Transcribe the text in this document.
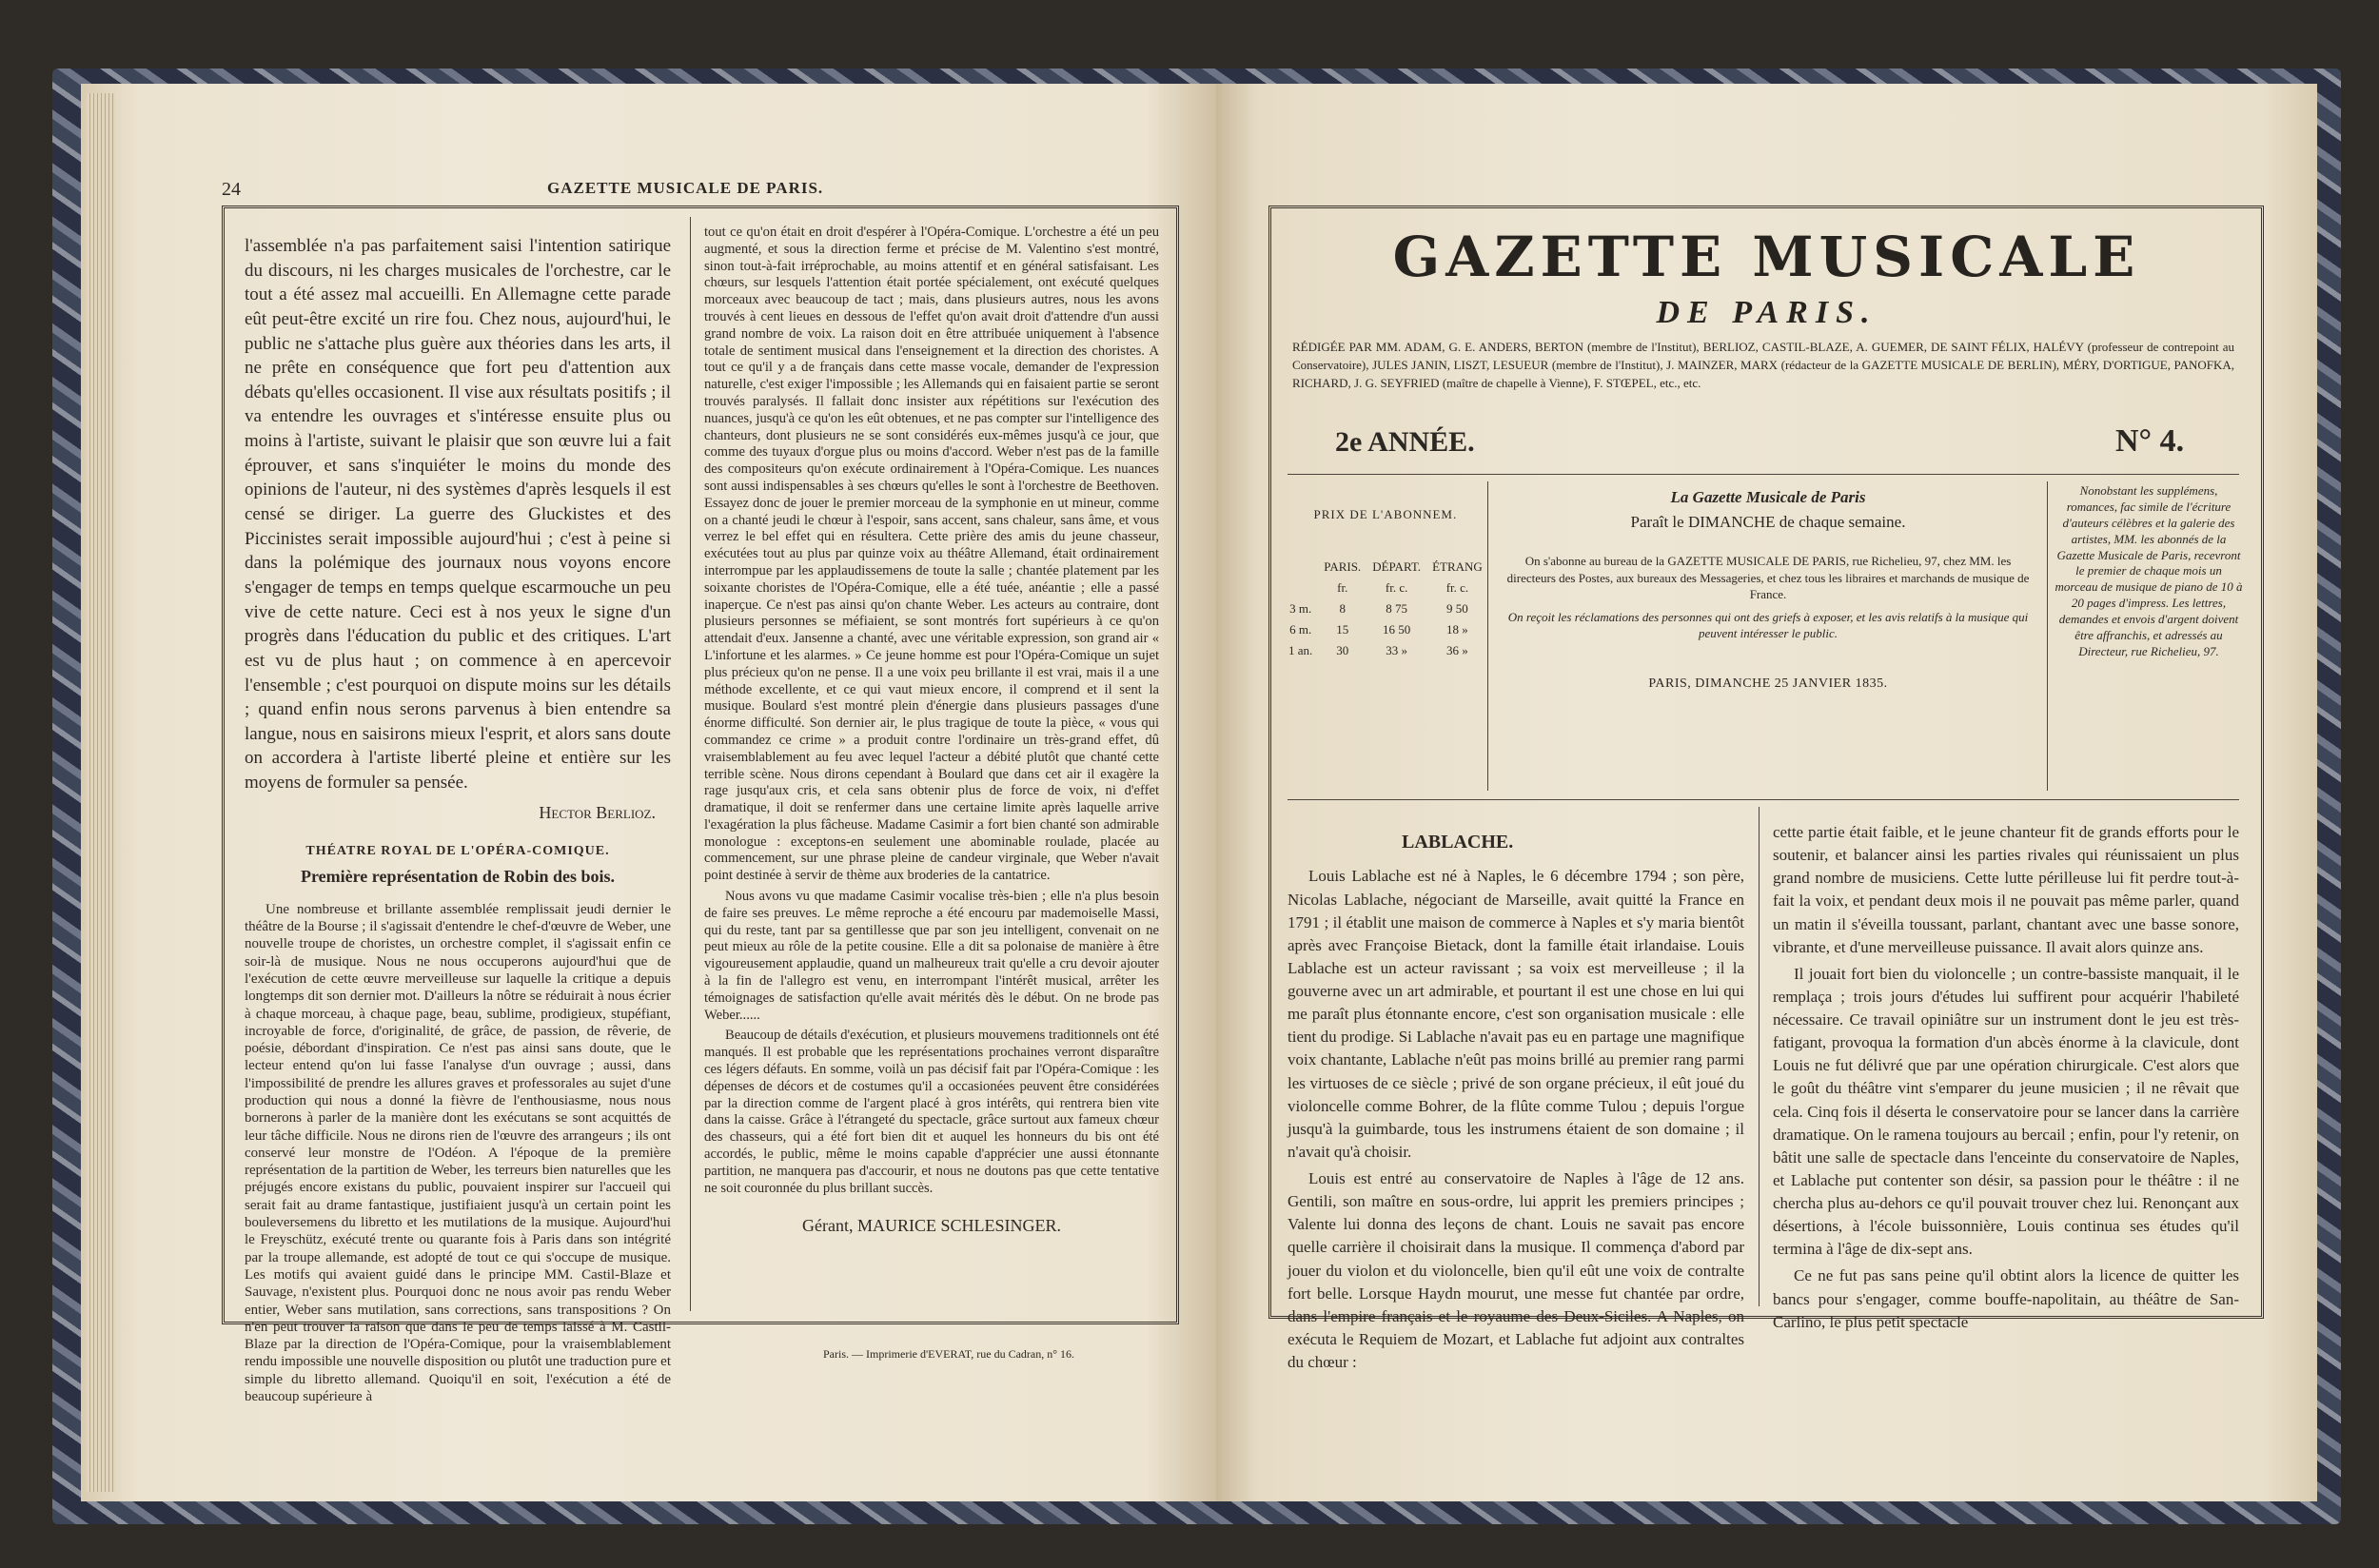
24	GAZETTE MUSICALE DE PARIS.

l'assemblée n'a pas parfaitement saisi l'intention satirique du discours, ni les charges musicales de l'orchestre, car le tout a été assez mal accueilli. En Allemagne cette parade eût peut-être excité un rire fou. Chez nous, aujourd'hui, le public ne s'attache plus guère aux théories dans les arts, il ne prête en conséquence que fort peu d'attention aux débats qu'elles occasionent. Il vise aux résultats positifs ; il va entendre les ouvrages et s'intéresse ensuite plus ou moins à l'artiste, suivant le plaisir que son œuvre lui a fait éprouver, et sans s'inquiéter le moins du monde des opinions de l'auteur, ni des systèmes d'après lesquels il est censé se diriger. La guerre des Gluckistes et des Piccinistes serait impossible aujourd'hui ; c'est à peine si dans la polémique des journaux nous voyons encore s'engager de temps en temps quelque escarmouche un peu vive de cette nature. Ceci est à nos yeux le signe d'un progrès dans l'éducation du public et des critiques. L'art est vu de plus haut ; on commence à en apercevoir l'ensemble ; c'est pourquoi on dispute moins sur les détails ; quand enfin nous serons parvenus à bien entendre sa langue, nous en saisirons mieux l'esprit, et alors sans doute on accordera à l'artiste liberté pleine et entière sur les moyens de formuler sa pensée.

Hector Berlioz.
THÉATRE ROYAL DE L'OPÉRA-COMIQUE.
Première représentation de Robin des bois.

Une nombreuse et brillante assemblée remplissait jeudi dernier le théâtre de la Bourse ; il s'agissait d'entendre le chef-d'œuvre de Weber, une nouvelle troupe de choristes, un orchestre complet, il s'agissait enfin ce soir-là de musique. Nous ne nous occuperons aujourd'hui que de l'exécution de cette œuvre merveilleuse sur laquelle la critique a depuis longtemps dit son dernier mot. D'ailleurs la nôtre se réduirait à nous écrier à chaque morceau, à chaque page, beau, sublime, prodigieux, stupéfiant, incroyable de force, d'originalité, de grâce, de passion, de rêverie, de poésie, débordant d'inspiration. Ce n'est pas ainsi sans doute, que le lecteur entend qu'on lui fasse l'analyse d'un ouvrage ; aussi, dans l'impossibilité de prendre les allures graves et professorales au sujet d'une production qui nous a donné la fièvre de l'enthousiasme, nous nous bornerons à parler de la manière dont les exécutans se sont acquittés de leur tâche difficile. Nous ne dirons rien de l'œuvre des arrangeurs ; ils ont conservé leur monstre de l'Odéon. A l'époque de la première représentation de la partition de Weber, les terreurs bien naturelles que les préjugés encore existans du public, pouvaient inspirer sur l'accueil qui serait fait au drame fantastique, justifiaient jusqu'à un certain point les bouleversemens du libretto et les mutilations de la musique. Aujourd'hui le Freyschütz, exécuté trente ou quarante fois à Paris dans son intégrité par la troupe allemande, est adopté de tout ce qui s'occupe de musique. Les motifs qui avaient guidé dans le principe MM. Castil-Blaze et Sauvage, n'existent plus. Pourquoi donc ne nous avoir pas rendu Weber entier, Weber sans mutilation, sans corrections, sans transpositions ? On n'en peut trouver la raison que dans le peu de temps laissé à M. Castil-Blaze par la direction de l'Opéra-Comique, pour la vraisemblablement rendu impossible une nouvelle disposition ou plutôt une traduction pure et simple du libretto allemand. Quoiqu'il en soit, l'exécution a été de beaucoup supérieure à

tout ce qu'on était en droit d'espérer à l'Opéra-Comique. L'orchestre a été un peu augmenté, et sous la direction ferme et précise de M. Valentino s'est montré, sinon tout-à-fait irréprochable, au moins attentif et en général satisfaisant. Les chœurs, sur lesquels l'attention était portée spécialement, ont exécuté quelques morceaux avec beaucoup de tact ; mais, dans plusieurs autres, nous les avons trouvés à cent lieues en dessous de l'effet qu'on avait droit d'attendre d'un aussi grand nombre de voix. La raison doit en être attribuée uniquement à l'absence totale de sentiment musical dans l'enseignement et la direction des choristes. A tout ce qu'il y a de français dans cette masse vocale, demander de l'expression naturelle, c'est exiger l'impossible ; les Allemands qui en faisaient partie se seront trouvés paralysés. Il fallait donc insister aux répétitions sur l'exécution des nuances, jusqu'à ce qu'on les eût obtenues, et ne pas compter sur l'intelligence des chanteurs, dont plusieurs ne se sont considérés eux-mêmes jusqu'à ce jour, que comme des tuyaux d'orgue plus ou moins d'accord. Weber n'est pas de la famille des compositeurs qu'on exécute ordinairement à l'Opéra-Comique. Les nuances sont aussi indispensables à ses chœurs qu'elles le sont à l'orchestre de Beethoven. Essayez donc de jouer le premier morceau de la symphonie en ut mineur, comme on a chanté jeudi le chœur à l'espoir, sans accent, sans chaleur, sans âme, et vous verrez le bel effet qui en résultera. Cette prière des amis du jeune chasseur, exécutées tout au plus par quinze voix au théâtre Allemand, était ordinairement interrompue par les applaudissemens de toute la salle ; chantée platement par les soixante choristes de l'Opéra-Comique, elle a été tuée, anéantie ; elle a passé inaperçue. Ce n'est pas ainsi qu'on chante Weber. Les acteurs au contraire, dont plusieurs personnes se méfiaient, se sont montrés fort supérieurs à ce qu'on attendait d'eux. Jansenne a chanté, avec une véritable expression, son grand air « L'infortune et les alarmes. » Ce jeune homme est pour l'Opéra-Comique un sujet plus précieux qu'on ne pense. Il a une voix peu brillante il est vrai, mais il a une méthode excellente, et ce qui vaut mieux encore, il comprend et il sent la musique. Boulard s'est montré plein d'énergie dans plusieurs passages d'une énorme difficulté. Son dernier air, le plus tragique de toute la pièce, « vous qui commandez ce crime » a produit contre l'ordinaire un très-grand effet, dû vraisemblablement au feu avec lequel l'acteur a débité plutôt que chanté cette terrible scène. Nous dirons cependant à Boulard que dans cet air il exagère la rage jusqu'aux cris, et cela sans obtenir plus de force de voix, ni d'effet dramatique, il doit se renfermer dans une certaine limite après laquelle arrive l'exagération la plus fâcheuse. Madame Casimir a fort bien chanté son admirable monologue : exceptons-en seulement une abominable roulade, placée au commencement, sur une phrase pleine de candeur virginale, que Weber n'avait point destinée à servir de thème aux broderies de la cantatrice.

Nous avons vu que madame Casimir vocalise très-bien ; elle n'a plus besoin de faire ses preuves. Le même reproche a été encouru par mademoiselle Massi, qui du reste, tant par sa gentillesse que par son jeu intelligent, convenait on ne peut mieux au rôle de la petite cousine. Elle a dit sa polonaise de manière à être vigoureusement applaudie, quand un malheureux trait qu'elle a cru devoir ajouter à la fin de l'allegro est venu, en interrompant l'intérêt musical, arrêter les témoignages de satisfaction qu'elle avait mérités dès le début. On ne brode pas Weber......

Beaucoup de détails d'exécution, et plusieurs mouvemens traditionnels ont été manqués. Il est probable que les représentations prochaines verront disparaître ces légers défauts. En somme, voilà un pas décisif fait par l'Opéra-Comique : les dépenses de décors et de costumes qu'il a occasionées peuvent être considérées par la direction comme de l'argent placé à gros intérêts, qui rentrera bien vite dans la caisse. Grâce à l'étrangeté du spectacle, grâce surtout aux fameux chœur des chasseurs, qui a été fort bien dit et auquel les honneurs du bis ont été accordés, le public, même le moins capable d'apprécier une aussi étonnante partition, ne manquera pas d'accourir, et nous ne doutons pas que cette tentative ne soit couronnée du plus brillant succès.

Gérant, MAURICE SCHLESINGER.
Paris. — Imprimerie d'EVERAT, rue du Cadran, n° 16.
GAZETTE MUSICALE
DE PARIS.
RÉDIGÉE PAR MM. ADAM, G. E. ANDERS, BERTON (membre de l'Institut), BERLIOZ, CASTIL-BLAZE, A. GUEMER, DE SAINT FÉLIX, HALÉVY (professeur de contrepoint au Conservatoire), JULES JANIN, LISZT, LESUEUR (membre de l'Institut), J. MAINZER, MARX (rédacteur de la GAZETTE MUSICALE DE BERLIN), MÉRY, D'ORTIGUE, PANOFKA, RICHARD, J. G. SEYFRIED (maître de chapelle à Vienne), F. STŒPEL, etc., etc.
2e ANNÉE.	N° 4.
PRIX DE L'ABONNEM.
	PARIS.	DÉPART.	ÉTRANG
	fr.	fr. c.	fr. c.
3 m.	8	8 75	9 50
6 m.	15	16 50	18 »
1 an.	30	33 »	36 »
La Gazette Musicale de Paris
Paraît le DIMANCHE de chaque semaine.
On s'abonne au bureau de la GAZETTE MUSICALE DE PARIS, rue Richelieu, 97, chez MM. les directeurs des Postes, aux bureaux des Messageries, et chez tous les libraires et marchands de musique de France.
On reçoit les réclamations des personnes qui ont des griefs à exposer, et les avis relatifs à la musique qui peuvent intéresser le public.
PARIS, DIMANCHE 25 JANVIER 1835.
Nonobstant les supplémens, romances, fac simile de l'écriture d'auteurs célèbres et la galerie des artistes, MM. les abonnés de la Gazette Musicale de Paris, recevront le premier de chaque mois un morceau de musique de piano de 10 à 20 pages d'impress. Les lettres, demandes et envois d'argent doivent être affranchis, et adressés au Directeur, rue Richelieu, 97.
LABLACHE.

Louis Lablache est né à Naples, le 6 décembre 1794 ; son père, Nicolas Lablache, négociant de Marseille, avait quitté la France en 1791 ; il établit une maison de commerce à Naples et s'y maria bientôt après avec Françoise Bietack, dont la famille était irlandaise. Louis Lablache est un acteur ravissant ; sa voix est merveilleuse ; il la gouverne avec un art admirable, et pourtant il est une chose en lui qui me paraît plus étonnante encore, c'est son organisation musicale : elle tient du prodige. Si Lablache n'avait pas eu en partage une magnifique voix chantante, Lablache n'eût pas moins brillé au premier rang parmi les virtuoses de ce siècle ; privé de son organe précieux, il eût joué du violoncelle comme Bohrer, de la flûte comme Tulou ; depuis l'orgue jusqu'à la guimbarde, tous les instrumens étaient de son domaine ; il n'avait qu'à choisir.

Louis est entré au conservatoire de Naples à l'âge de 12 ans. Gentili, son maître en sous-ordre, lui apprit les premiers principes ; Valente lui donna des leçons de chant. Louis ne savait pas encore quelle carrière il choisirait dans la musique. Il commença d'abord par jouer du violon et du violoncelle, bien qu'il eût une voix de contralte fort belle. Lorsque Haydn mourut, une messe fut chantée par ordre, dans l'empire français et le royaume des Deux-Siciles. A Naples, on exécuta le Requiem de Mozart, et Lablache fut adjoint aux contraltes du chœur :

cette partie était faible, et le jeune chanteur fit de grands efforts pour le soutenir, et balancer ainsi les parties rivales qui réunissaient un plus grand nombre de musiciens. Cette lutte périlleuse lui fit perdre tout-à-fait la voix, et pendant deux mois il ne pouvait pas même parler, quand un matin il s'éveilla toussant, parlant, chantant avec une basse sonore, vibrante, et d'une merveilleuse puissance. Il avait alors quinze ans.

Il jouait fort bien du violoncelle ; un contre-bassiste manquait, il le remplaça ; trois jours d'études lui suffirent pour acquérir l'habileté nécessaire. Ce travail opiniâtre sur un instrument dont le jeu est très-fatigant, provoqua la formation d'un abcès énorme à la clavicule, dont Louis ne fut délivré que par une opération chirurgicale. C'est alors que le goût du théâtre vint s'emparer du jeune musicien ; il ne rêvait que cela. Cinq fois il déserta le conservatoire pour se lancer dans la carrière dramatique. On le ramena toujours au bercail ; enfin, pour l'y retenir, on bâtit une salle de spectacle dans l'enceinte du conservatoire de Naples, et Lablache put contenter son désir, sa passion pour le théâtre : il ne chercha plus au-dehors ce qu'il pouvait trouver chez lui. Renonçant aux désertions, à l'école buissonnière, Louis continua ses études qu'il termina à l'âge de dix-sept ans.

Ce ne fut pas sans peine qu'il obtint alors la licence de quitter les bancs pour s'engager, comme bouffe-napolitain, au théâtre de San-Carlino, le plus petit spectacle
